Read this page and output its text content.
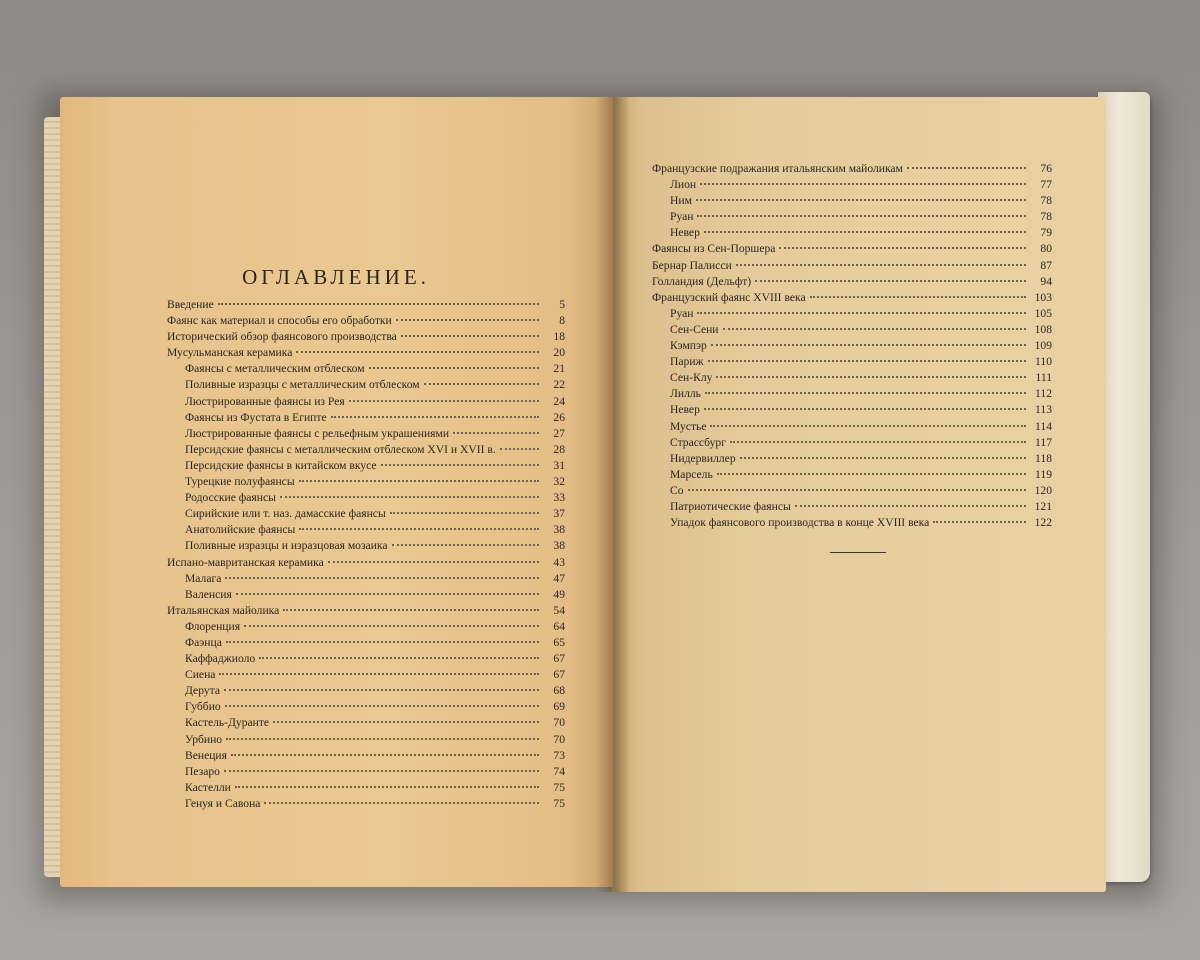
ОГЛАВЛЕНИЕ.
Введение	5
Фаянс как материал и способы его обработки	8
Исторический обзор фаянсового производства	18
Мусульманская керамика	20
Фаянсы с металлическим отблеском	21
Поливные изразцы с металлическим отблеском	22
Люстрированные фаянсы из Рея	24
Фаянсы из Фустата в Египте	26
Люстрированные фаянсы с рельефным украшениями	27
Персидские фаянсы с металлическим отблеском XVI и XVII в.	28
Персидские фаянсы в китайском вкусе	31
Турецкие полуфаянсы	32
Родосские фаянсы	33
Сирийские или т. наз. дамасские фаянсы	37
Анатолийские фаянсы	38
Поливные изразцы и изразцовая мозаика	38
Испано-мавританская керамика	43
Малага	47
Валенсия	49
Итальянская майолика	54
Флоренция	64
Фаэнца	65
Каффаджиоло	67
Сиена	67
Дерута	68
Губбио	69
Кастель-Дуранте	70
Урбино	70
Венеция	73
Пезаро	74
Кастелли	75
Генуя и Савона	75
Французские подражания итальянским майоликам	76
Лион	77
Ним	78
Руан	78
Невер	79
Фаянсы из Сен-Поршера	80
Бернар Палисси	87
Голландия (Дельфт)	94
Французский фаянс XVIII века	103
Руан	105
Сен-Сени	108
Кэмпэр	109
Париж	110
Сен-Клу	111
Лилль	112
Невер	113
Мустье	114
Страссбург	117
Нидервиллер	118
Марсель	119
Со	120
Патриотические фаянсы	121
Упадок фаянсового производства в конце XVIII века	122
